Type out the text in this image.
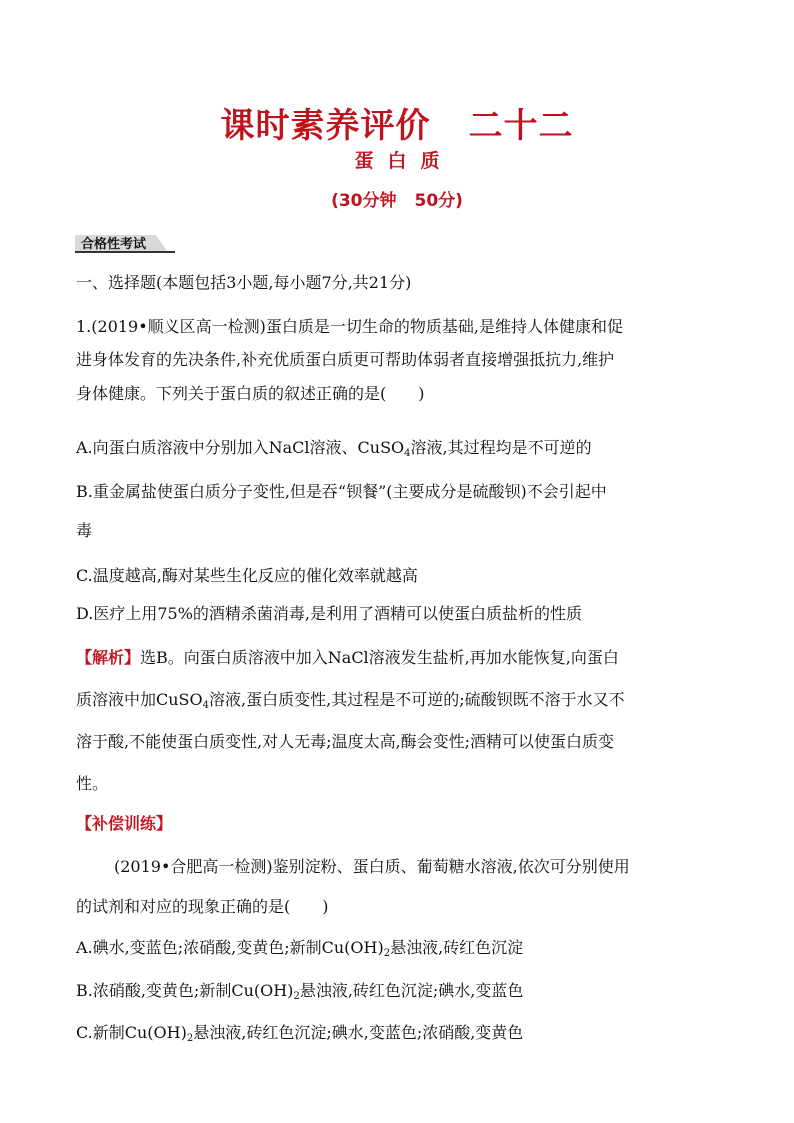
课时素养评价 二十二
蛋白质
(30分钟 50分)
合格性考试
一、选择题(本题包括3小题,每小题7分,共21分)
1.(2019•顺义区高一检测)蛋白质是一切生命的物质基础,是维持人体健康和促
进身体发育的先决条件,补充优质蛋白质更可帮助体弱者直接增强抵抗力,维护
身体健康。下列关于蛋白质的叙述正确的是(　　)
A.向蛋白质溶液中分别加入NaCl溶液、CuSO$_4$溶液,其过程均是不可逆的
B.重金属盐使蛋白质分子变性,但是吞“钡餐”(主要成分是硫酸钡)不会引起中
毒
C.温度越高,酶对某些生化反应的催化效率就越高
D.医疗上用75%的酒精杀菌消毒,是利用了酒精可以使蛋白质盐析的性质
【解析】选B。向蛋白质溶液中加入NaCl溶液发生盐析,再加水能恢复,向蛋白
质溶液中加CuSO$_4$溶液,蛋白质变性,其过程是不可逆的;硫酸钡既不溶于水又不
溶于酸,不能使蛋白质变性,对人无毒;温度太高,酶会变性;酒精可以使蛋白质变
性。
【补偿训练】
(2019•合肥高一检测)鉴别淀粉、蛋白质、葡萄糖水溶液,依次可分别使用
的试剂和对应的现象正确的是(　　)
A.碘水,变蓝色;浓硝酸,变黄色;新制$Cu(OH)_2$悬浊液,砖红色沉淀
B.浓硝酸,变黄色;新制$Cu(OH)_2$悬浊液,砖红色沉淀;碘水,变蓝色
C.新制$Cu(OH)_2$悬浊液,砖红色沉淀;碘水,变蓝色;浓硝酸,变黄色
